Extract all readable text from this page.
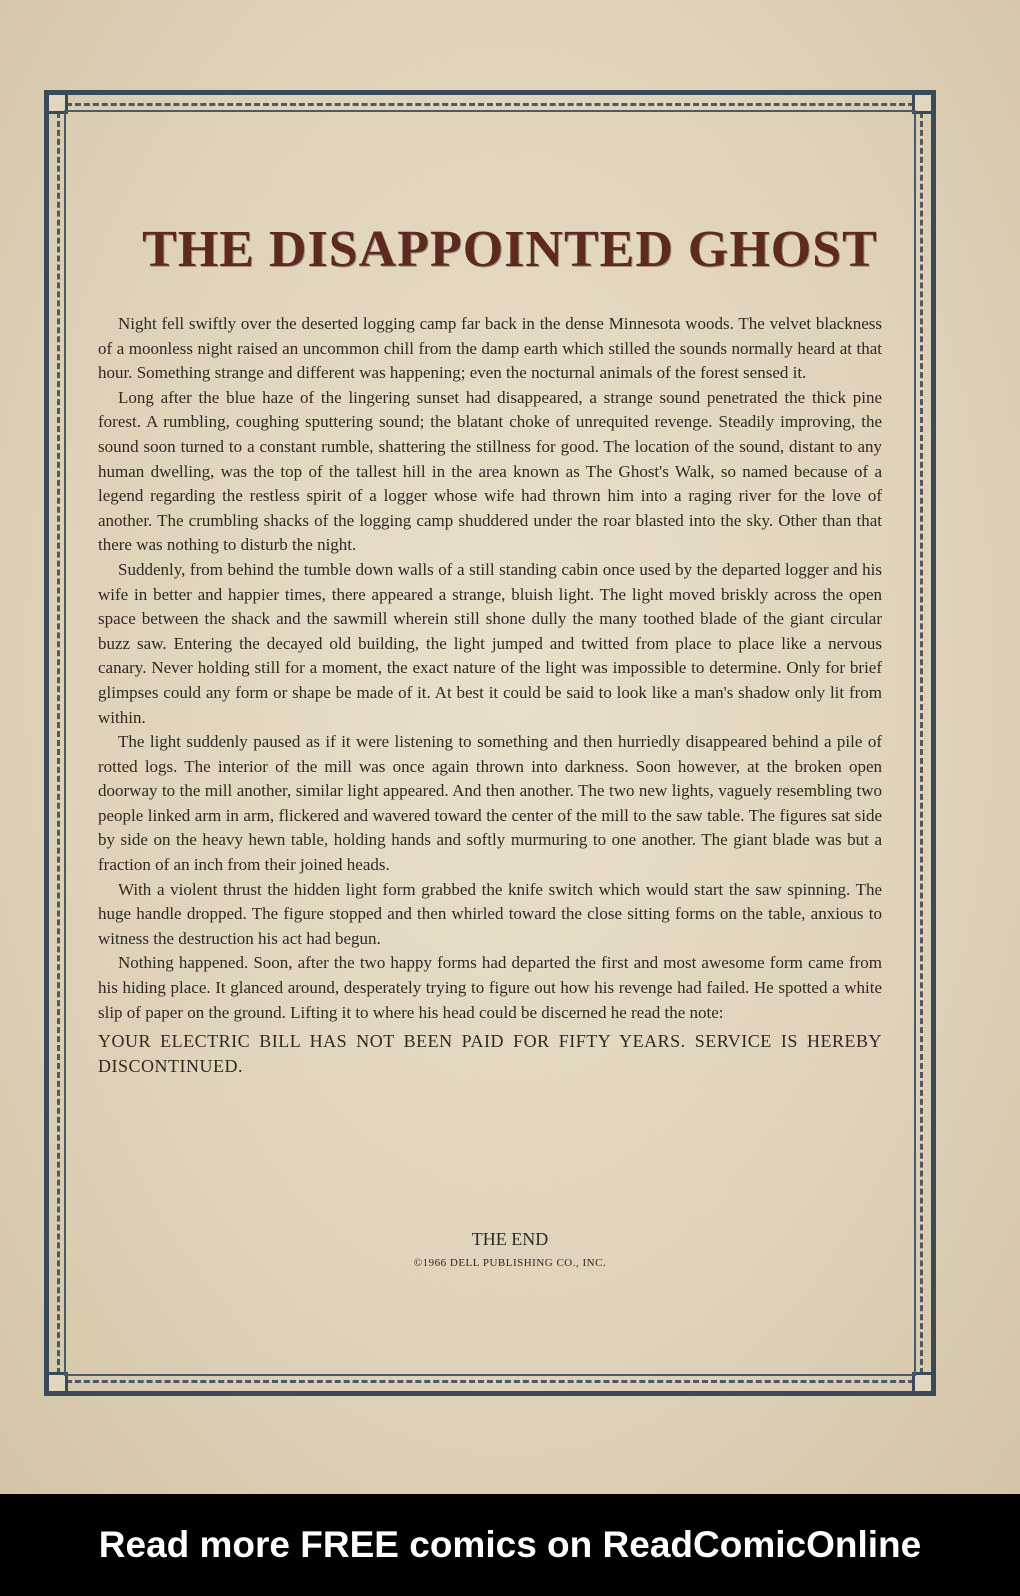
THE DISAPPOINTED GHOST

Night fell swiftly over the deserted logging camp far back in the dense Minnesota woods. The velvet blackness of a moonless night raised an uncommon chill from the damp earth which stilled the sounds normally heard at that hour. Something strange and different was happening; even the nocturnal animals of the forest sensed it.

Long after the blue haze of the lingering sunset had disappeared, a strange sound penetrated the thick pine forest. A rumbling, coughing sputtering sound; the blatant choke of unrequited revenge. Steadily improving, the sound soon turned to a constant rumble, shattering the stillness for good. The location of the sound, distant to any human dwelling, was the top of the tallest hill in the area known as The Ghost's Walk, so named because of a legend regarding the restless spirit of a logger whose wife had thrown him into a raging river for the love of another. The crumbling shacks of the logging camp shuddered under the roar blasted into the sky. Other than that there was nothing to disturb the night.

Suddenly, from behind the tumble down walls of a still standing cabin once used by the departed logger and his wife in better and happier times, there appeared a strange, bluish light. The light moved briskly across the open space between the shack and the sawmill wherein still shone dully the many toothed blade of the giant circular buzz saw. Entering the decayed old building, the light jumped and twitted from place to place like a nervous canary. Never holding still for a moment, the exact nature of the light was impossible to determine. Only for brief glimpses could any form or shape be made of it. At best it could be said to look like a man's shadow only lit from within.

The light suddenly paused as if it were listening to something and then hurriedly disappeared behind a pile of rotted logs. The interior of the mill was once again thrown into darkness. Soon however, at the broken open doorway to the mill another, similar light appeared. And then another. The two new lights, vaguely resembling two people linked arm in arm, flickered and wavered toward the center of the mill to the saw table. The figures sat side by side on the heavy hewn table, holding hands and softly murmuring to one another. The giant blade was but a fraction of an inch from their joined heads.

With a violent thrust the hidden light form grabbed the knife switch which would start the saw spinning. The huge handle dropped. The figure stopped and then whirled toward the close sitting forms on the table, anxious to witness the destruction his act had begun.

Nothing happened. Soon, after the two happy forms had departed the first and most awesome form came from his hiding place. It glanced around, desperately trying to figure out how his revenge had failed. He spotted a white slip of paper on the ground. Lifting it to where his head could be discerned he read the note:

YOUR ELECTRIC BILL HAS NOT BEEN PAID FOR FIFTY YEARS. SERVICE IS HEREBY DISCONTINUED.

THE END
©1966 DELL PUBLISHING CO., INC.
Read more FREE comics on ReadComicOnline
